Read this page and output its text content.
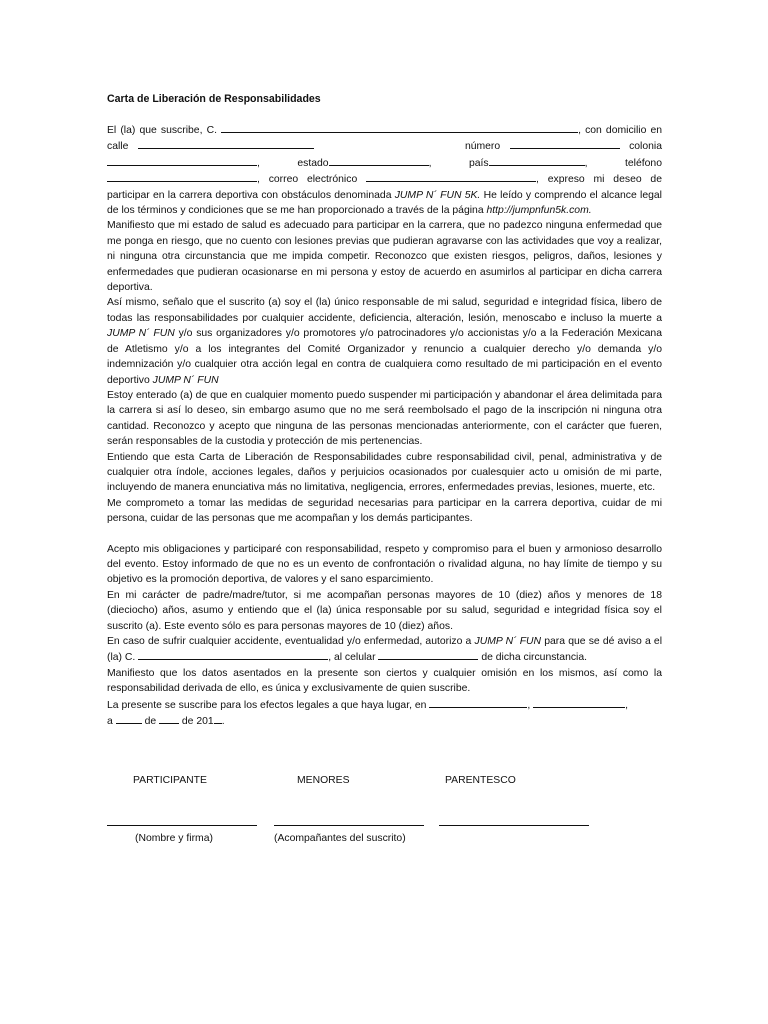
Carta de Liberación de Responsabilidades

El (la) que suscribe, C.	, con domicilio en calle	número	colonia, estado	, país	, teléfono , correo electrónico	, expreso mi deseo de participar en la carrera deportiva con obstáculos denominada JUMP N´ FUN 5K. He leído y comprendo el alcance legal de los términos y condiciones que se me han proporcionado a través de la página http://jumpnfun5k.com.

Manifiesto que mi estado de salud es adecuado para participar en la carrera, que no padezco ninguna enfermedad que me ponga en riesgo, que no cuento con lesiones previas que pudieran agravarse con las actividades que voy a realizar, ni ninguna otra circunstancia que me impida competir. Reconozco que existen riesgos, peligros, daños, lesiones y enfermedades que pudieran ocasionarse en mi persona y estoy de acuerdo en asumirlos al participar en dicha carrera deportiva.

Así mismo, señalo que el suscrito (a) soy el (la) único responsable de mi salud, seguridad e integridad física, libero de todas las responsabilidades por cualquier accidente, deficiencia, alteración, lesión, menoscabo e incluso la muerte a JUMP N´ FUN y/o sus organizadores y/o promotores y/o patrocinadores y/o accionistas y/o a la Federación Mexicana de Atletismo y/o a los integrantes del Comité Organizador y renuncio a cualquier derecho y/o demanda y/o indemnización y/o cualquier otra acción legal en contra de cualquiera como resultado de mi participación en el evento deportivo JUMP N´ FUN

Estoy enterado (a) de que en cualquier momento puedo suspender mi participación y abandonar el área delimitada para la carrera si así lo deseo, sin embargo asumo que no me será reembolsado el pago de la inscripción ni ninguna otra cantidad. Reconozco y acepto que ninguna de las personas mencionadas anteriormente, con el carácter que fueren, serán responsables de la custodia y protección de mis pertenencias.

Entiendo que esta Carta de Liberación de Responsabilidades cubre responsabilidad civil, penal, administrativa y de cualquier otra índole, acciones legales, daños y perjuicios ocasionados por cualesquier acto u omisión de mi parte, incluyendo de manera enunciativa más no limitativa, negligencia, errores, enfermedades previas, lesiones, muerte, etc.

Me comprometo a tomar las medidas de seguridad necesarias para participar en la carrera deportiva, cuidar de mi persona, cuidar de las personas que me acompañan y los demás participantes.

Acepto mis obligaciones y participaré con responsabilidad, respeto y compromiso para el buen y armonioso desarrollo del evento. Estoy informado de que no es un evento de confrontación o rivalidad alguna, no hay límite de tiempo y su objetivo es la promoción deportiva, de valores y el sano esparcimiento.

En mi carácter de padre/madre/tutor, si me acompañan personas mayores de 10 (diez) años y menores de 18 (dieciocho) años, asumo y entiendo que el (la) única responsable por su salud, seguridad e integridad física soy el suscrito (a). Este evento sólo es para personas mayores de 10 (diez) años.

En caso de sufrir cualquier accidente, eventualidad y/o enfermedad, autorizo a JUMP N´ FUN para que se dé aviso a el (la) C.	, al celular	de dicha circunstancia.

Manifiesto que los datos asentados en la presente son ciertos y cualquier omisión en los mismos, así como la responsabilidad derivada de ello, es única y exclusivamente de quien suscribe.

La presente se suscribe para los efectos legales a que haya lugar, en	,	,
a	de de 201 .

PARTICIPANTE	MENORES	PARENTESCO
(Nombre y firma)	(Acompañantes del suscrito)
